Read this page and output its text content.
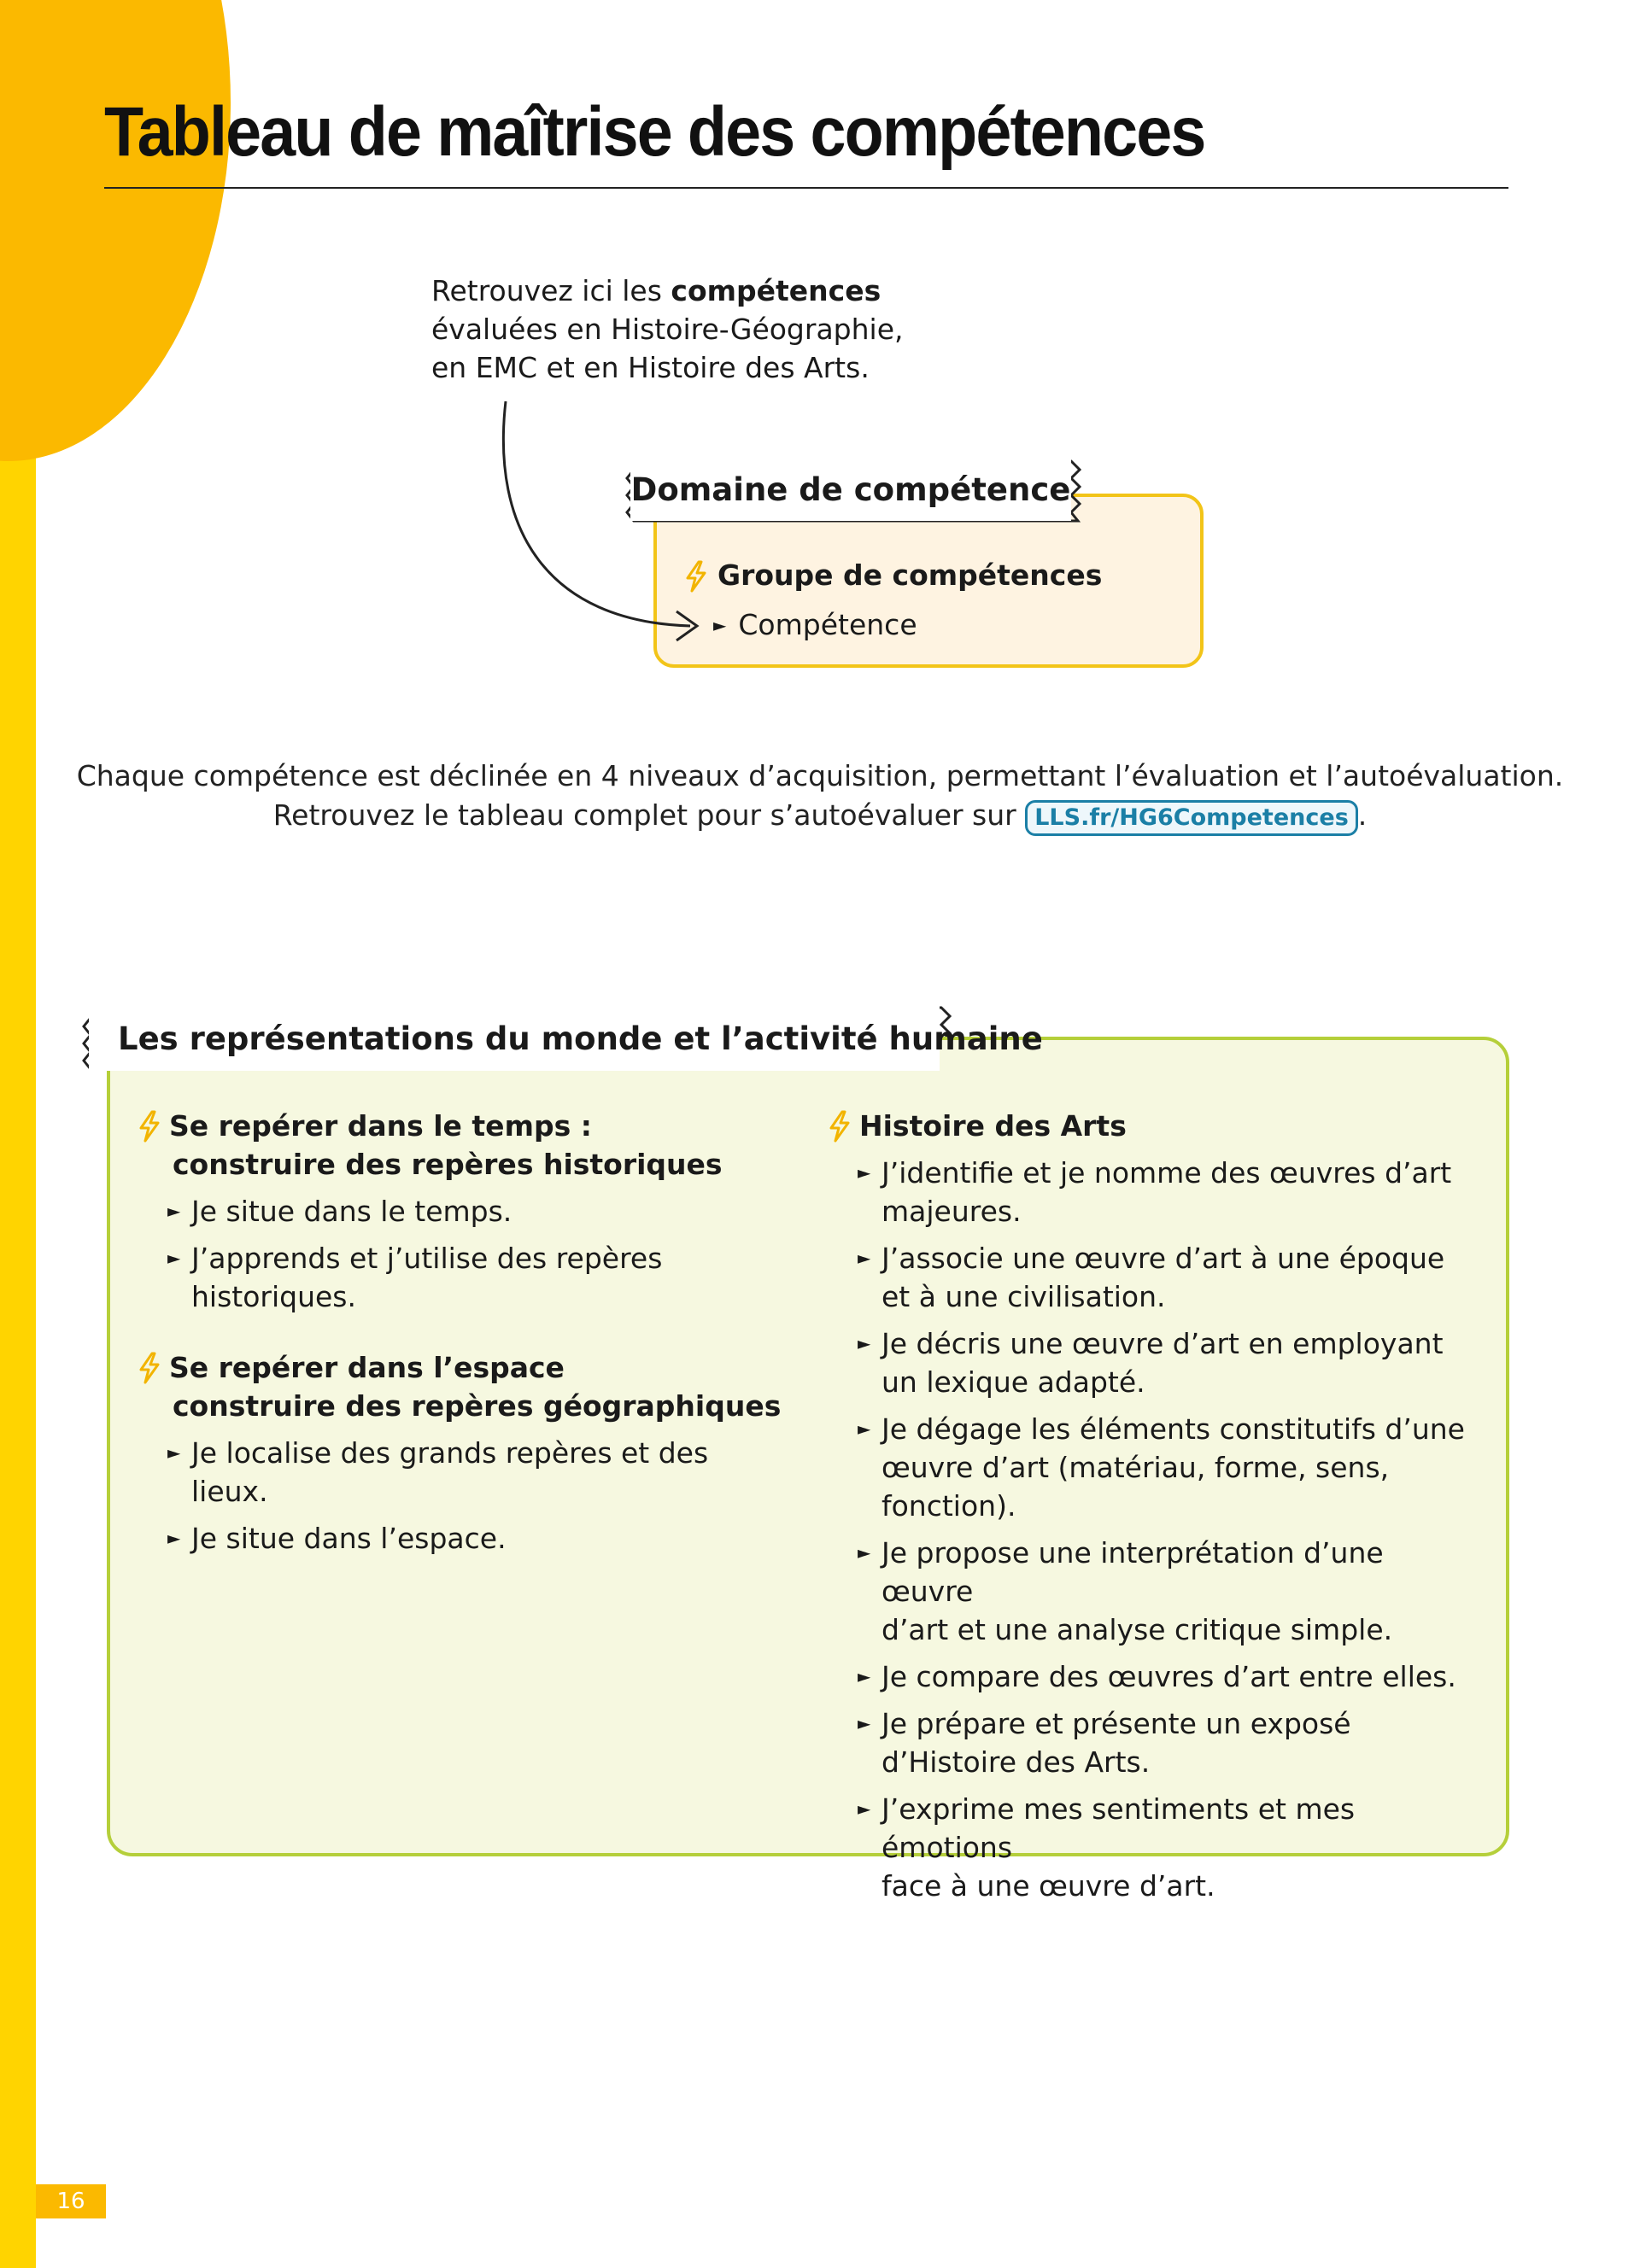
Tableau de maîtrise des compétences
Retrouvez ici les compétences
évaluées en Histoire-Géographie,
en EMC et en Histoire des Arts.
Domaine de compétence
Groupe de compétences
► Compétence
Chaque compétence est déclinée en 4 niveaux d’acquisition, permettant l’évaluation et l’autoévaluation.
Retrouvez le tableau complet pour s’autoévaluer sur LLS.fr/HG6Competences .
Les représentations du monde et l’activité humaine
Se repérer dans le temps :
construire des repères historiques
► Je situe dans le temps.
► J’apprends et j’utilise des repères
historiques.
Se repérer dans l’espace
construire des repères géographiques
► Je localise des grands repères et des lieux.
► Je situe dans l’espace.
Histoire des Arts
► J’identifie et je nomme des œuvres d’art
majeures.
► J’associe une œuvre d’art à une époque
et à une civilisation.
► Je décris une œuvre d’art en employant
un lexique adapté.
► Je dégage les éléments constitutifs d’une
œuvre d’art (matériau, forme, sens,
fonction).
► Je propose une interprétation d’une œuvre
d’art et une analyse critique simple.
► Je compare des œuvres d’art entre elles.
► Je prépare et présente un exposé
d’Histoire des Arts.
► J’exprime mes sentiments et mes émotions
face à une œuvre d’art.
16
